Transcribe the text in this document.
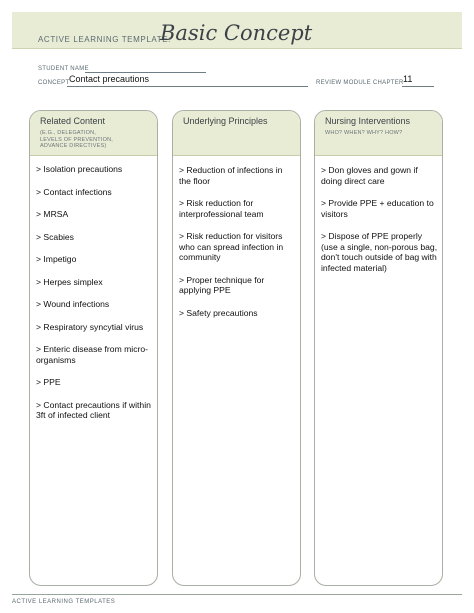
ACTIVE LEARNING TEMPLATE:
Basic Concept
STUDENT NAME
CONCEPT Contact precautions	REVIEW MODULE CHAPTER 11
Related Content
(E.G., DELEGATION,
LEVELS OF PREVENTION,
ADVANCE DIRECTIVES)
> Isolation precautions
> Contact infections
> MRSA
> Scabies
> Impetigo
> Herpes simplex
> Wound infections
> Respiratory syncytial virus
> Enteric disease from micro-organisms
> PPE
> Contact precautions if within 3ft of infected client
Underlying Principles
> Reduction of infections in the floor
> Risk reduction for interprofessional team
> Risk reduction for visitors who can spread infection in community
> Proper technique for applying PPE
> Safety precautions
Nursing Interventions
WHO? WHEN? WHY? HOW?
> Don gloves and gown if doing direct care
> Provide PPE + education to visitors
> Dispose of PPE properly (use a single, non-porous bag, don't touch outside of bag with infected material)
ACTIVE LEARNING TEMPLATES
